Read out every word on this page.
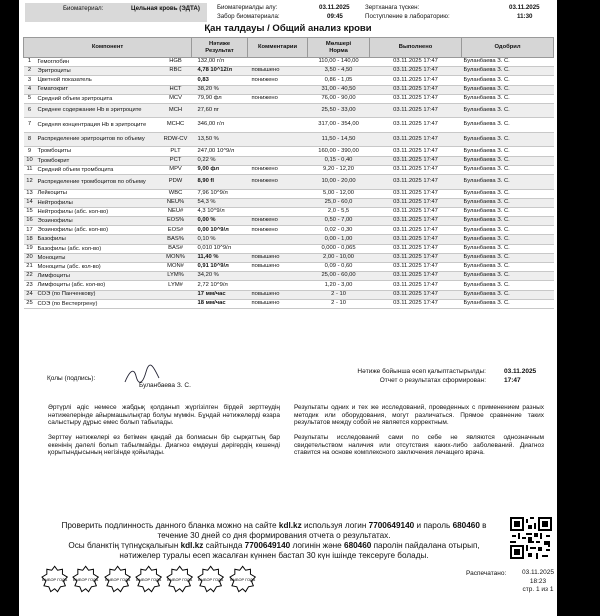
Биоматериал:	Цельная кровь (ЭДТА)	Биоматериалды алу:	03.11.2025
Забор биоматериала:	09:45
Зертханага түскен:	03.11.2025
Поступление в лабораторию:	11:30
Қан талдауы / Общий анализ крови
Компонент			Нәтиже
Результат	Комментарии	Мөлшері
Норма	Выполнено	Одобрил
1	Гемоглобин	HGB	132,00 г/л		110,00 - 140,00	03.11.2025 17:47	Буланбаева З. С.
2	Эритроциты	RBC	4,78 10^12/л	повышено	3,50 - 4,50	03.11.2025 17:47	Буланбаева З. С.
3	Цветной показатель		0,83	понижено	0,86 - 1,05	03.11.2025 17:47	Буланбаева З. С.
4	Гематокрит	HCT	38,20 %		31,00 - 40,50	03.11.2025 17:47	Буланбаева З. С.
5	Средний объем эритроцита	MCV	79,90 фл	понижено	76,00 - 90,00	03.11.2025 17:47	Буланбаева З. С.
6	Среднее содержание Hb в эритроците	MCH	27,60 пг		25,50 - 33,00	03.11.2025 17:47	Буланбаева З. С.
7	Средняя концентрация Hb в эритроците	MCHC	346,00 г/л		317,00 - 354,00	03.11.2025 17:47	Буланбаева З. С.
8	Распределение эритроцитов по объему	RDW-CV	13,50 %		11,50 - 14,50	03.11.2025 17:47	Буланбаева З. С.
9	Тромбоциты	PLT	247,00 10^9/л		160,00 - 390,00	03.11.2025 17:47	Буланбаева З. С.
10	Тромбокрит	PCT	0,22 %		0,15 - 0,40	03.11.2025 17:47	Буланбаева З. С.
11	Средний объем тромбоцита	MPV	9,00 фл	понижено	9,20 - 12,20	03.11.2025 17:47	Буланбаева З. С.
12	Распределение тромбоцитов по объему	PDW	8,90 fl	понижено	10,00 - 20,00	03.11.2025 17:47	Буланбаева З. С.
13	Лейкоциты	WBC	7,96 10^9/л		5,00 - 12,00	03.11.2025 17:47	Буланбаева З. С.
14	Нейтрофилы	NEU%	54,3 %		25,0 - 60,0	03.11.2025 17:47	Буланбаева З. С.
15	Нейтрофилы (абс. кол-во)	NEU#	4,3 10^9/л		2,0 - 5,5	03.11.2025 17:47	Буланбаева З. С.
16	Эозинофилы	EOS%	0,00 %	понижено	0,50 - 7,00	03.11.2025 17:47	Буланбаева З. С.
17	Эозинофилы (абс. кол-во)	EOS#	0,00 10^9/л	понижено	0,02 - 0,30	03.11.2025 17:47	Буланбаева З. С.
18	Базофилы	BAS%	0,10 %		0,00 - 1,00	03.11.2025 17:47	Буланбаева З. С.
19	Базофилы (абс. кол-во)	BAS#	0,010 10^9/л		0,000 - 0,065	03.11.2025 17:47	Буланбаева З. С.
20	Моноциты	MON%	11,40 %	повышено	2,00 - 10,00	03.11.2025 17:47	Буланбаева З. С.
21	Моноциты (абс. кол-во)	MON#	0,91 10^9/л	повышено	0,09 - 0,60	03.11.2025 17:47	Буланбаева З. С.
22	Лимфоциты	LYM%	34,20 %		25,00 - 60,00	03.11.2025 17:47	Буланбаева З. С.
23	Лимфоциты (абс. кол-во)	LYM#	2,72 10^9/л		1,20 - 3,00	03.11.2025 17:47	Буланбаева З. С.
24	СОЭ (по Панченкову)		17 мм/час	повышено	2 - 10	03.11.2025 17:47	Буланбаева З. С.
25	СОЭ (по Вестергрену)		18 мм/час	повышено	2 - 10	03.11.2025 17:47	Буланбаева З. С.
Қолы (подпись):
Буланбаева З. С.
Нәтиже бойынша есеп қалыптастырылды:	03.11.2025
Отчет о результатах сформирован:	17:47
Әртүрлі әдіс немесе жабдық қолданып жүргізілген бірдей зерттеудің нәтижелерінде айырмашылықтар болуы мүмкін. Бұндай нәтижелерді өзара салыстыру дұрыс емес болып табылады.
Результаты одних и тех же исследований, проведенных с применением разных методик или оборудования, могут различаться. Прямое сравнение таких результатов между собой не является корректным.
Зерттеу нәтижелері өз бетімен қандай да болмасын бір сырқаттың бар екенінің дәлелі болып табылмайды. Диагноз емдеуші дәрігердің кешенді қорытындысының негізінде қойылады.
Результаты исследований сами по себе не являются однозначным свидетельством наличия или отсутствия каких-либо заболеваний. Диагноз ставится на основе комплексного заключения лечащего врача.
Проверить подлинность данного бланка можно на сайте kdl.kz используя логин 7700649140 и пароль 680460 в
течение 30 дней со дня формирования отчета о результатах.
Осы бланктің түпнұсқалығын kdl.kz сайтында 7700649140 логинін және 680460 паролін пайдалана отырып,
нәтижелер туралы есеп жасалған күннен бастап 30 күн ішінде тексеруге болады.
ВЫБОР ГОДА ВЫБОР ГОДА ВЫБОР ГОДА ВЫБОР ГОДА ВЫБОР ГОДА ВЫБОР ГОДА ВЫБОР ГОДА
Распечатано:	03.11.2025
18:23
стр. 1 из 1
